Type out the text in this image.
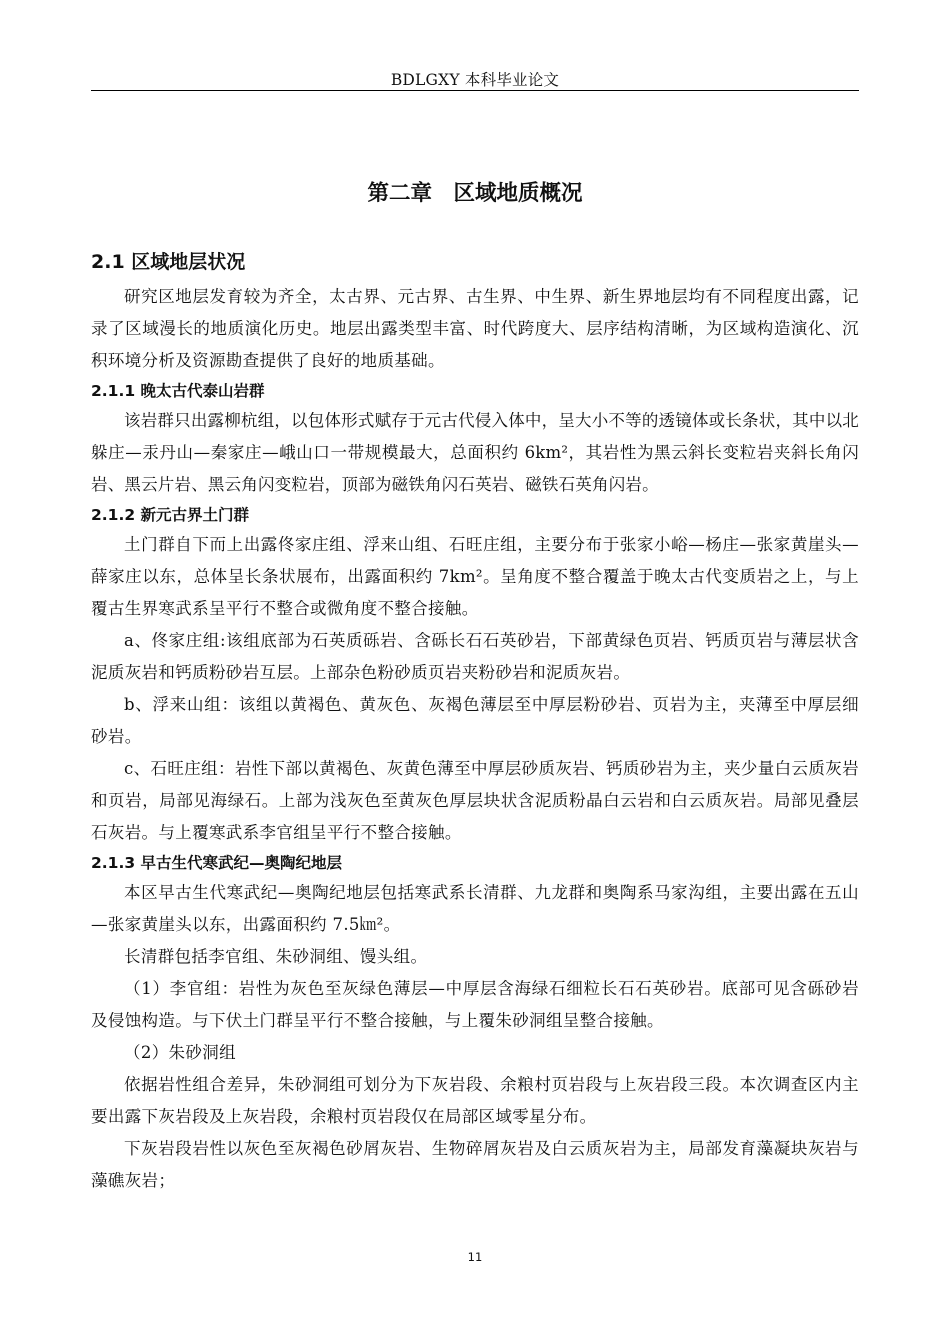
BDLGXY 本科毕业论文
第二章　区域地质概况
2.1 区域地层状况

研究区地层发育较为齐全，太古界、元古界、古生界、中生界、新生界地层均有不同程度出露，记录了区域漫长的地质演化历史。地层出露类型丰富、时代跨度大、层序结构清晰，为区域构造演化、沉积环境分析及资源勘查提供了良好的地质基础。

2.1.1 晚太古代泰山岩群

该岩群只出露柳杭组，以包体形式赋存于元古代侵入体中，呈大小不等的透镜体或长条状，其中以北躲庄—汞丹山—秦家庄—峨山口一带规模最大，总面积约 6km²，其岩性为黑云斜长变粒岩夹斜长角闪岩、黑云片岩、黑云角闪变粒岩，顶部为磁铁角闪石英岩、磁铁石英角闪岩。

2.1.2 新元古界土门群

土门群自下而上出露佟家庄组、浮来山组、石旺庄组，主要分布于张家小峪—杨庄—张家黄崖头—薛家庄以东，总体呈长条状展布，出露面积约 7km²。呈角度不整合覆盖于晚太古代变质岩之上，与上覆古生界寒武系呈平行不整合或微角度不整合接触。

a、佟家庄组:该组底部为石英质砾岩、含砾长石石英砂岩，下部黄绿色页岩、钙质页岩与薄层状含泥质灰岩和钙质粉砂岩互层。上部杂色粉砂质页岩夹粉砂岩和泥质灰岩。

b、浮来山组：该组以黄褐色、黄灰色、灰褐色薄层至中厚层粉砂岩、页岩为主，夹薄至中厚层细砂岩。

c、石旺庄组：岩性下部以黄褐色、灰黄色薄至中厚层砂质灰岩、钙质砂岩为主，夹少量白云质灰岩和页岩，局部见海绿石。上部为浅灰色至黄灰色厚层块状含泥质粉晶白云岩和白云质灰岩。局部见叠层石灰岩。与上覆寒武系李官组呈平行不整合接触。

2.1.3 早古生代寒武纪—奥陶纪地层

本区早古生代寒武纪—奥陶纪地层包括寒武系长清群、九龙群和奥陶系马家沟组，主要出露在五山—张家黄崖头以东，出露面积约 7.5㎞²。

长清群包括李官组、朱砂洞组、馒头组。

（1）李官组：岩性为灰色至灰绿色薄层—中厚层含海绿石细粒长石石英砂岩。底部可见含砾砂岩及侵蚀构造。与下伏土门群呈平行不整合接触，与上覆朱砂洞组呈整合接触。

（2）朱砂洞组

依据岩性组合差异，朱砂洞组可划分为下灰岩段、余粮村页岩段与上灰岩段三段。本次调查区内主要出露下灰岩段及上灰岩段，余粮村页岩段仅在局部区域零星分布。

下灰岩段岩性以灰色至灰褐色砂屑灰岩、生物碎屑灰岩及白云质灰岩为主，局部发育藻凝块灰岩与藻礁灰岩；

11
